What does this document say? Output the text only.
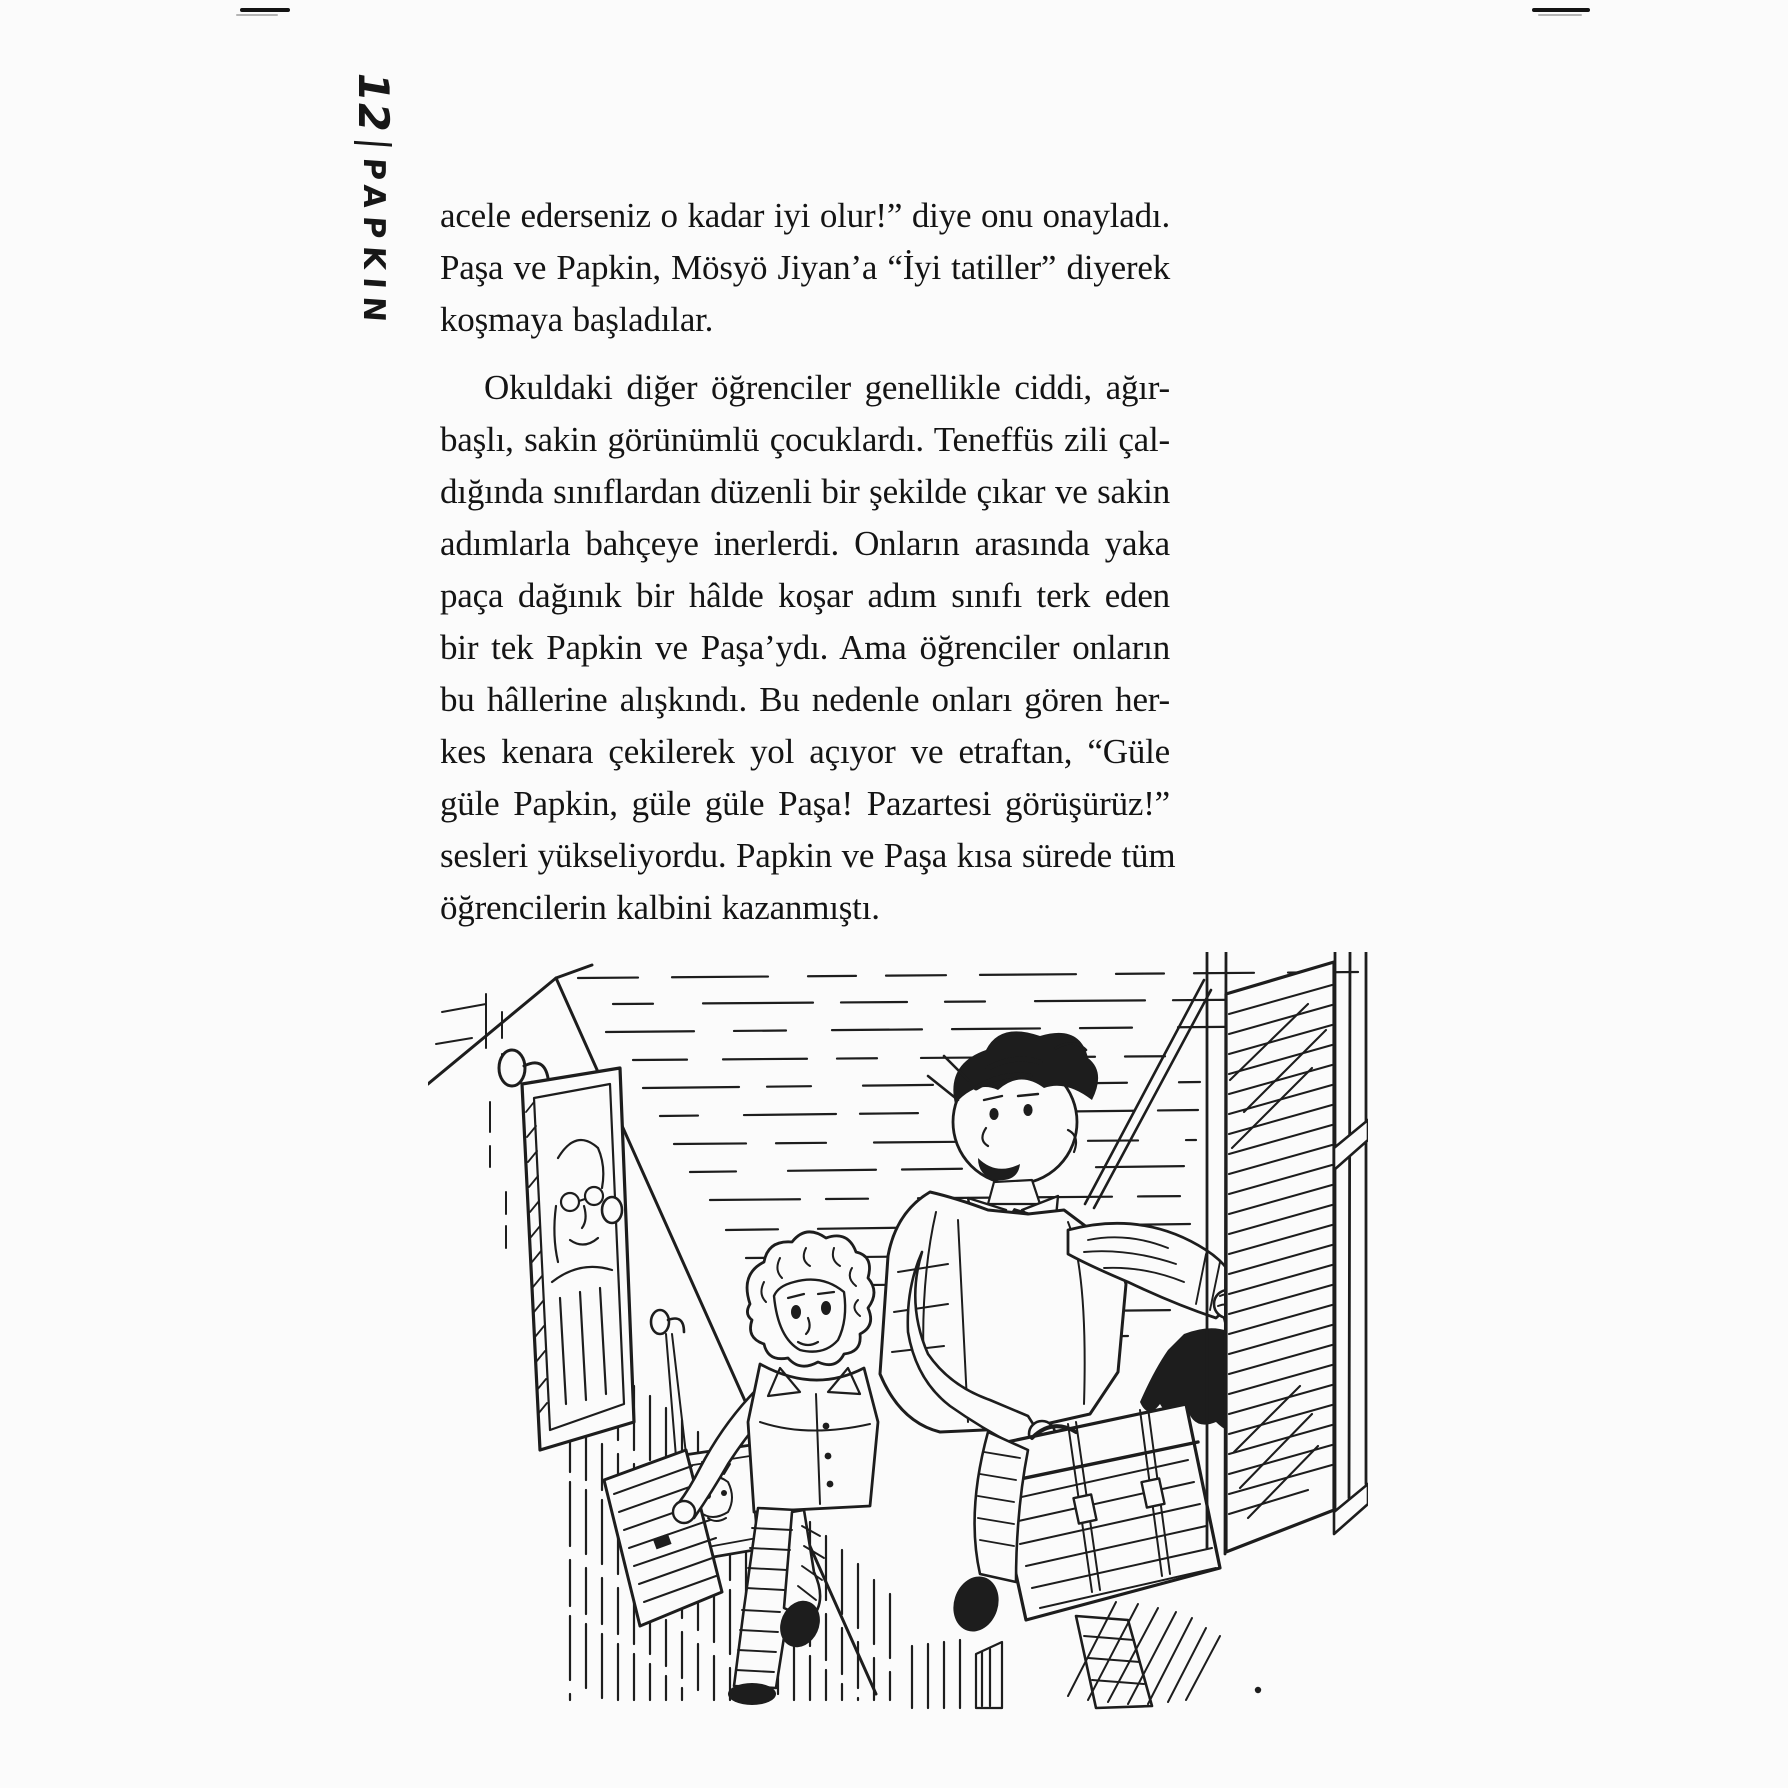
12
PAPKIN acele ederseniz o kadar iyi olur!” diye onu onayladı.
Paşa ve Papkin, Mösyö Jiyan’a “İyi tatiller” diyerek
koşmaya başladılar.
Okuldaki diğer öğrenciler genellikle ciddi, ağır-
başlı, sakin görünümlü çocuklardı. Teneffüs zili çal-
dığında sınıflardan düzenli bir şekilde çıkar ve sakin
adımlarla bahçeye inerlerdi. Onların arasında yaka
paça dağınık bir hâlde koşar adım sınıfı terk eden
bir tek Papkin ve Paşa’ydı. Ama öğrenciler onların
bu hâllerine alışkındı. Bu nedenle onları gören her-
kes kenara çekilerek yol açıyor ve etraftan, “Güle
güle Papkin, güle güle Paşa! Pazartesi görüşürüz!”
sesleri yükseliyordu. Papkin ve Paşa kısa sürede tüm
öğrencilerin kalbini kazanmıştı.
